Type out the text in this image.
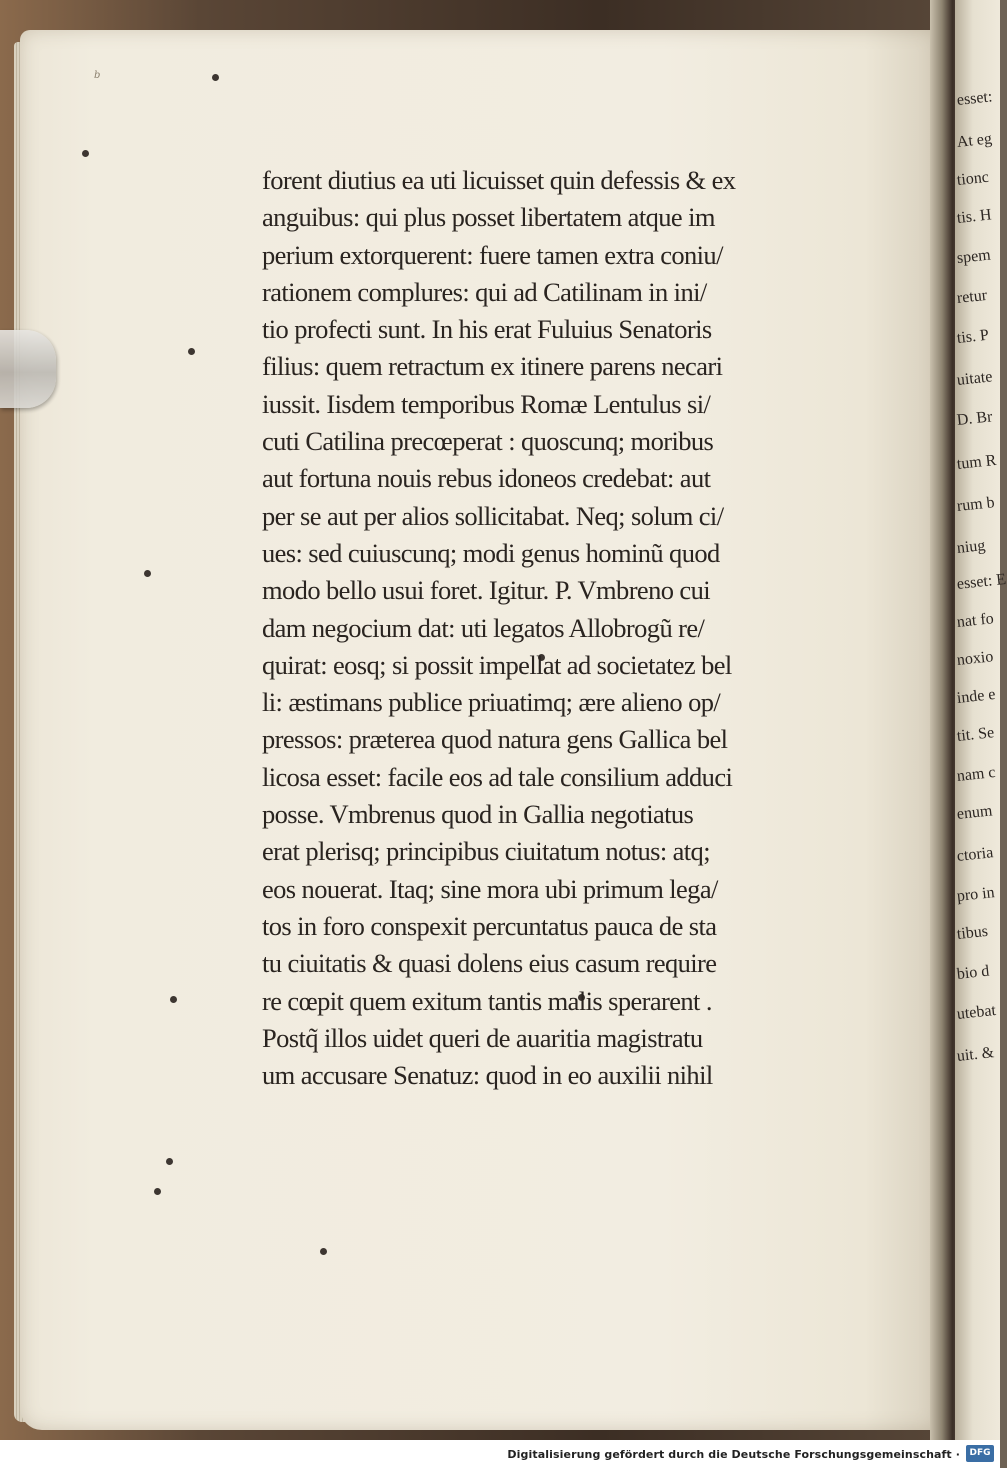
b
esset:
At eg
tionc
tis. H
spem
retur
tis. P
uitate
D. Br
tum R
rum b
niug
esset: E
nat fo
noxio
inde e
tit. Se
nam c
enum
ctoria
pro in
tibus
bio d
utebat
uit. &
forent diutius ea uti licuisset quin defessis & ex
anguibus: qui plus posset libertatem atque im
perium extorquerent: fuere tamen extra coniu/
rationem complures: qui ad Catilinam in ini/
tio profecti sunt. In his erat Fuluius Senatoris
filius: quem retractum ex itinere parens necari
iussit. Iisdem temporibus Romæ Lentulus si/
cuti Catilina precœperat : quoscunq; moribus
aut fortuna nouis rebus idoneos credebat: aut
per se aut per alios sollicitabat. Neq; solum ci/
ues: sed cuiuscunq; modi genus hominũ quod
modo bello usui foret. Igitur. P. Vmbreno cui
dam negocium dat: uti legatos Allobrogũ re/
quirat: eosq; si possit impellat ad societatez bel
li: æstimans publice priuatimq; ære alieno op/
pressos: præterea quod natura gens Gallica bel
licosa esset: facile eos ad tale consilium adduci
posse. Vmbrenus quod in Gallia negotiatus
erat plerisq; principibus ciuitatum notus: atq;
eos nouerat. Itaq; sine mora ubi primum lega/
tos in foro conspexit percuntatus pauca de sta
tu ciuitatis & quasi dolens eius casum require
re cœpit quem exitum tantis malis sperarent .
Postq̃ illos uidet queri de auaritia magistratu
um accusare Senatuz: quod in eo auxilii nihil
Digitalisierung gefördert durch die Deutsche Forschungsgemeinschaft ·	DFG
